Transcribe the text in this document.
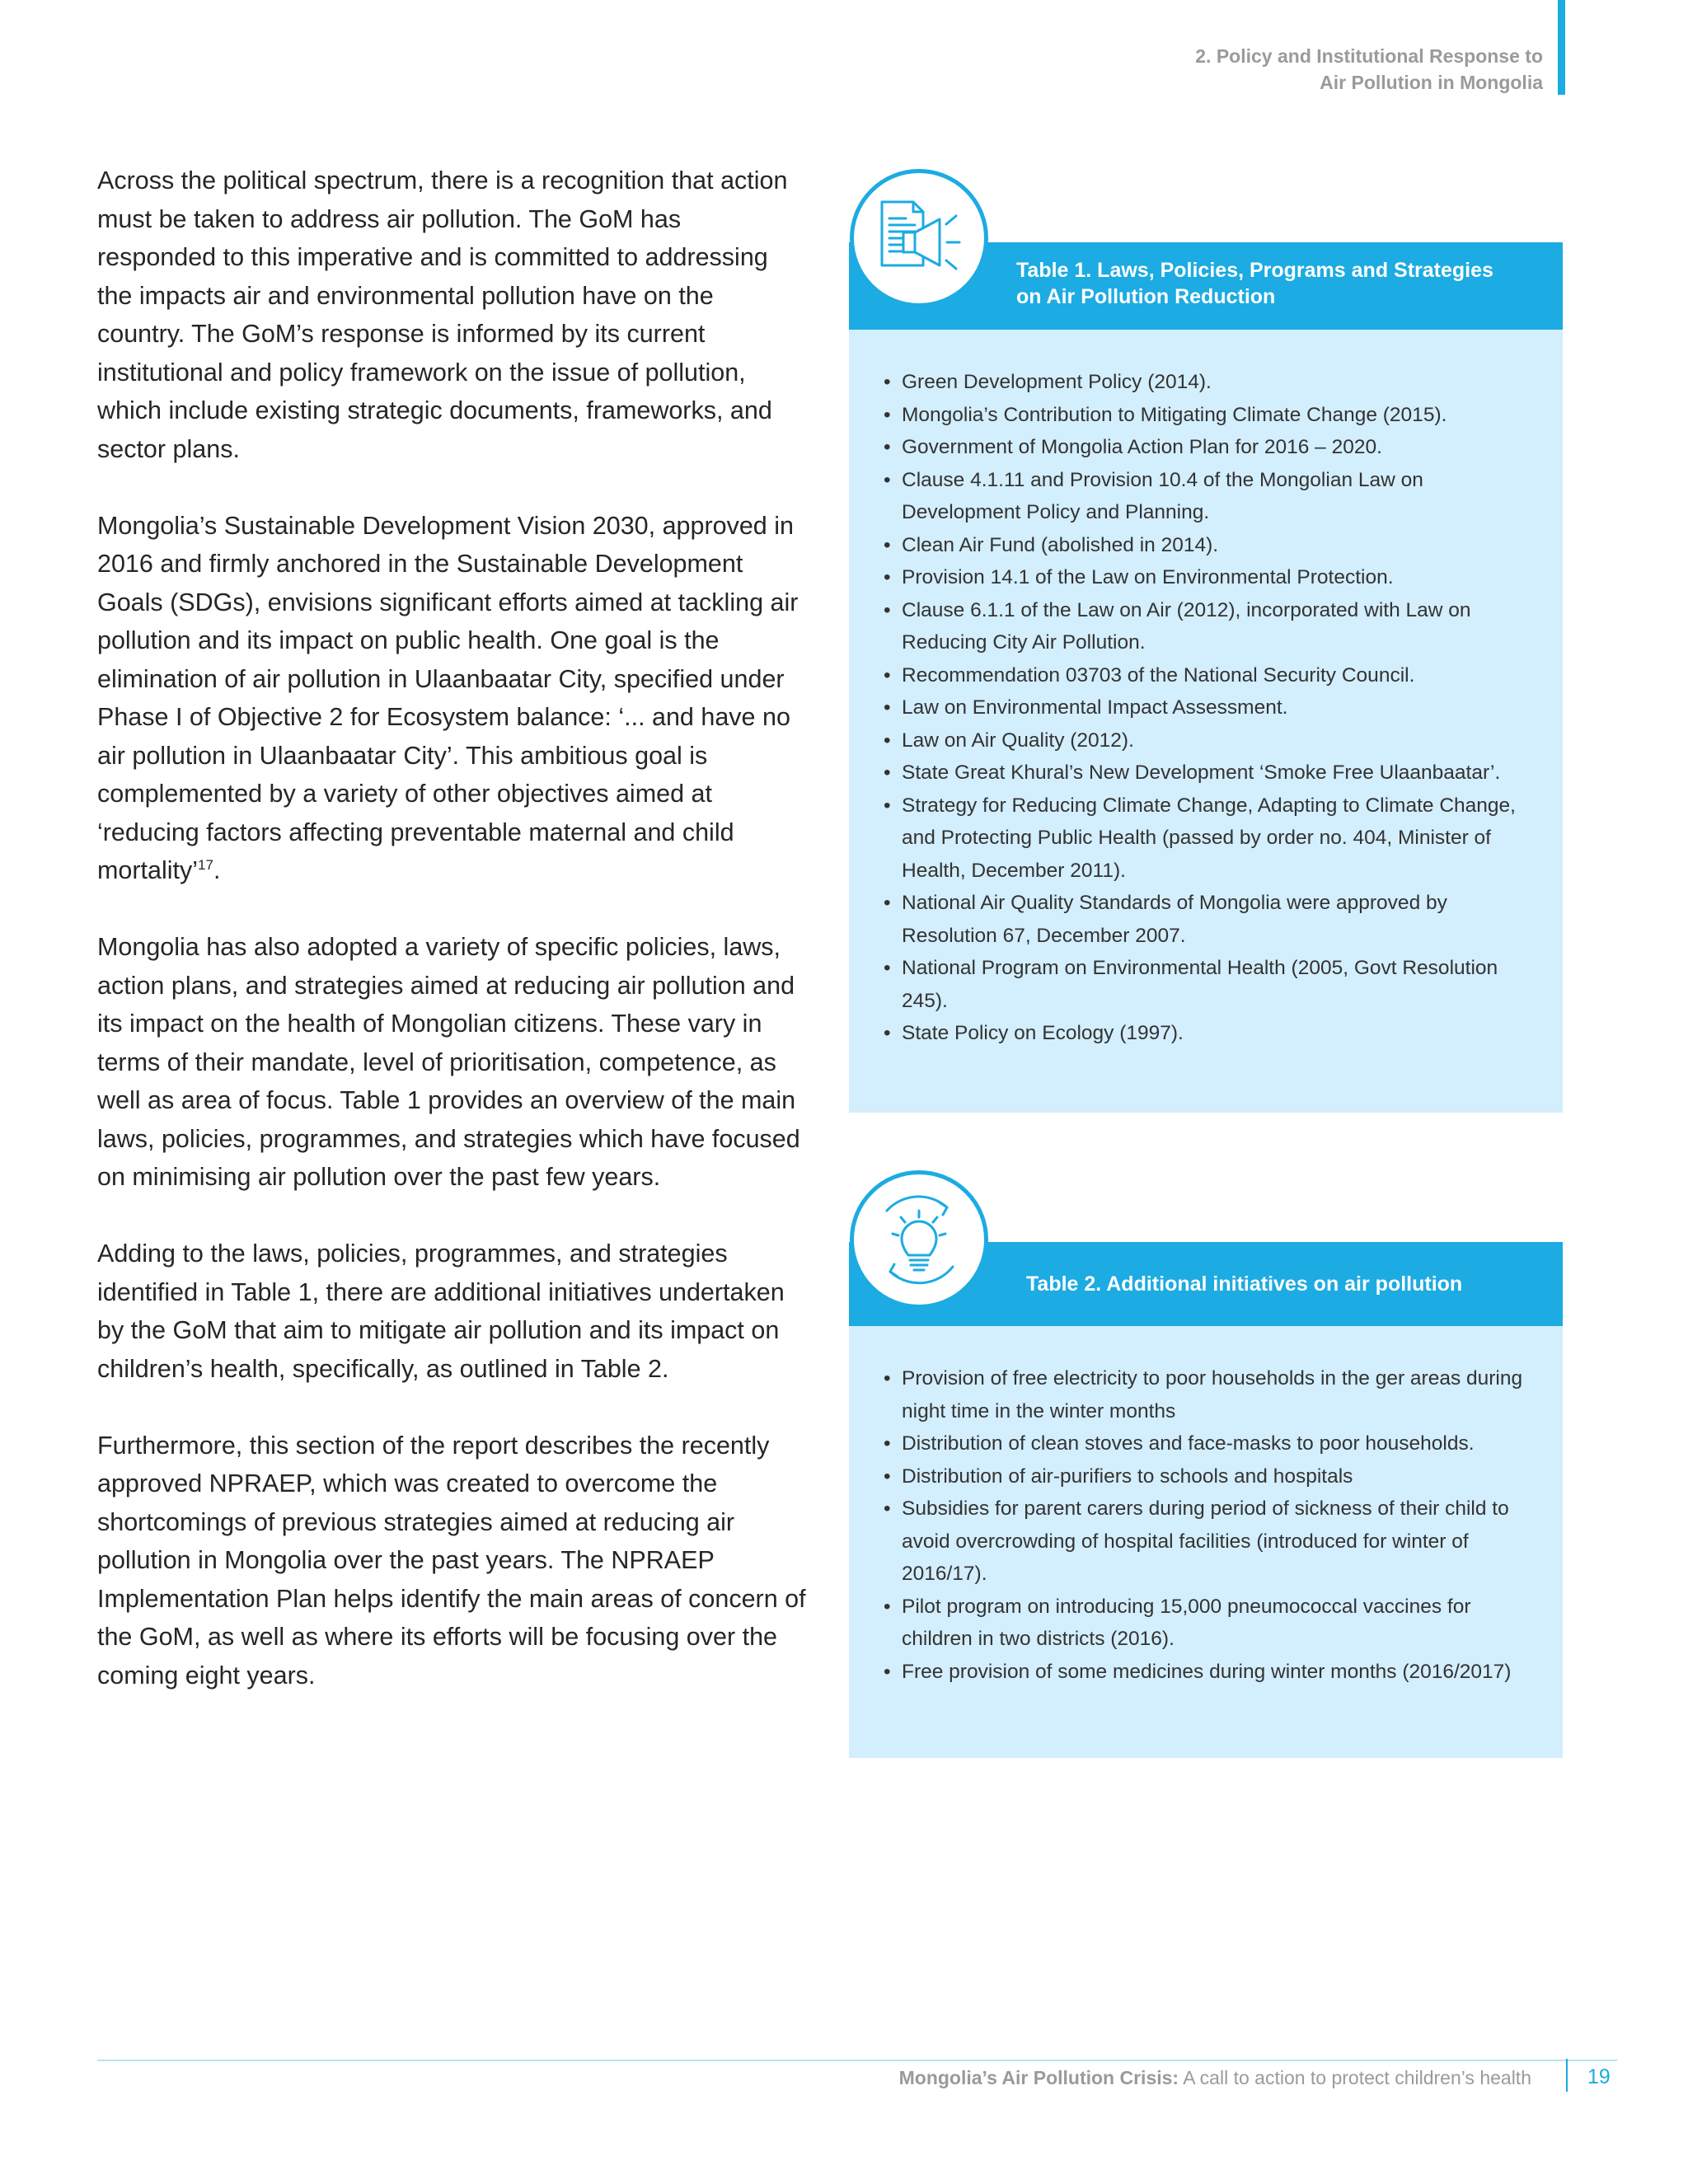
2. Policy and Institutional Response to
Air Pollution in Mongolia

Across the political spectrum, there is a recognition that action must be taken to address air pollution. The GoM has responded to this imperative and is committed to addressing the impacts air and environmental pollution have on the country. The GoM’s response is informed by its current institutional and policy framework on the issue of pollution, which include existing strategic documents, frameworks, and sector plans.

Mongolia’s Sustainable Development Vision 2030, approved in 2016 and firmly anchored in the Sustainable Development Goals (SDGs), envisions significant efforts aimed at tackling air pollution and its impact on public health. One goal is the elimination of air pollution in Ulaanbaatar City, specified under Phase I of Objective 2 for Ecosystem balance: ‘... and have no air pollution in Ulaanbaatar City’. This ambitious goal is complemented by a variety of other objectives aimed at ‘reducing factors affecting preventable maternal and child mortality’$^{17}$.

Mongolia has also adopted a variety of specific policies, laws, action plans, and strategies aimed at reducing air pollution and its impact on the health of Mongolian citizens. These vary in terms of their mandate, level of prioritisation, competence, as well as area of focus. Table 1 provides an overview of the main laws, policies, programmes, and strategies which have focused on minimising air pollution over the past few years.

Adding to the laws, policies, programmes, and strategies identified in Table 1, there are additional initiatives undertaken by the GoM that aim to mitigate air pollution and its impact on children’s health, specifically, as outlined in Table 2.

Furthermore, this section of the report describes the recently approved NPRAEP, which was created to overcome the shortcomings of previous strategies aimed at reducing air pollution in Mongolia over the past years. The NPRAEP Implementation Plan helps identify the main areas of concern of the GoM, as well as where its efforts will be focusing over the coming eight years.

Table 1. Laws, Policies, Programs and Strategies
on Air Pollution Reduction
• Green Development Policy (2014).
• Mongolia’s Contribution to Mitigating Climate Change (2015).
• Government of Mongolia Action Plan for 2016 – 2020.
• Clause 4.1.11 and Provision 10.4 of the Mongolian Law on Development Policy and Planning.
• Clean Air Fund (abolished in 2014).
• Provision 14.1 of the Law on Environmental Protection.
• Clause 6.1.1 of the Law on Air (2012), incorporated with Law on Reducing City Air Pollution.
• Recommendation 03703 of the National Security Council.
• Law on Environmental Impact Assessment.
• Law on Air Quality (2012).
• State Great Khural’s New Development ‘Smoke Free Ulaanbaatar’.
• Strategy for Reducing Climate Change, Adapting to Climate Change, and Protecting Public Health (passed by order no. 404, Minister of Health, December 2011).
• National Air Quality Standards of Mongolia were approved by Resolution 67, December 2007.
• National Program on Environmental Health (2005, Govt Resolution 245).
• State Policy on Ecology (1997).
Table 2. Additional initiatives on air pollution
• Provision of free electricity to poor households in the ger areas during night time in the winter months
• Distribution of clean stoves and face-masks to poor households.
• Distribution of air-purifiers to schools and hospitals
• Subsidies for parent carers during period of sickness of their child to avoid overcrowding of hospital facilities (introduced for winter of 2016/17).
• Pilot program on introducing 15,000 pneumococcal vaccines for children in two districts (2016).
• Free provision of some medicines during winter months (2016/2017)
Mongolia’s Air Pollution Crisis: A call to action to protect children’s health	19
